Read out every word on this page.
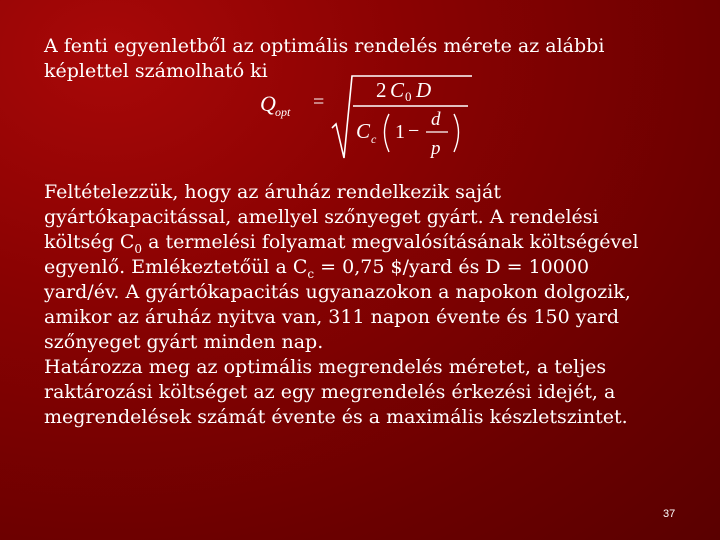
A fenti egyenletből az optimális rendelés mérete az alábbi
képlettel számolható ki
Q opt = 2 C 0 D
C c 1 −
d
p
Feltételezzük, hogy az áruház rendelkezik saját
gyártókapacitással, amellyel szőnyeget gyárt. A rendelési
költség $C_0$ a termelési folyamat megvalósításának költségével
egyenlő. Emlékeztetőül a $C_c = 0,75$ $/yard és D = 10000
yard/év. A gyártókapacitás ugyanazokon a napokon dolgozik,
amikor az áruház nyitva van, 311 napon évente és 150 yard
szőnyeget gyárt minden nap.
Határozza meg az optimális megrendelés méretet, a teljes
raktározási költséget az egy megrendelés érkezési idejét, a
megrendelések számát évente és a maximális készletszintet.
37
